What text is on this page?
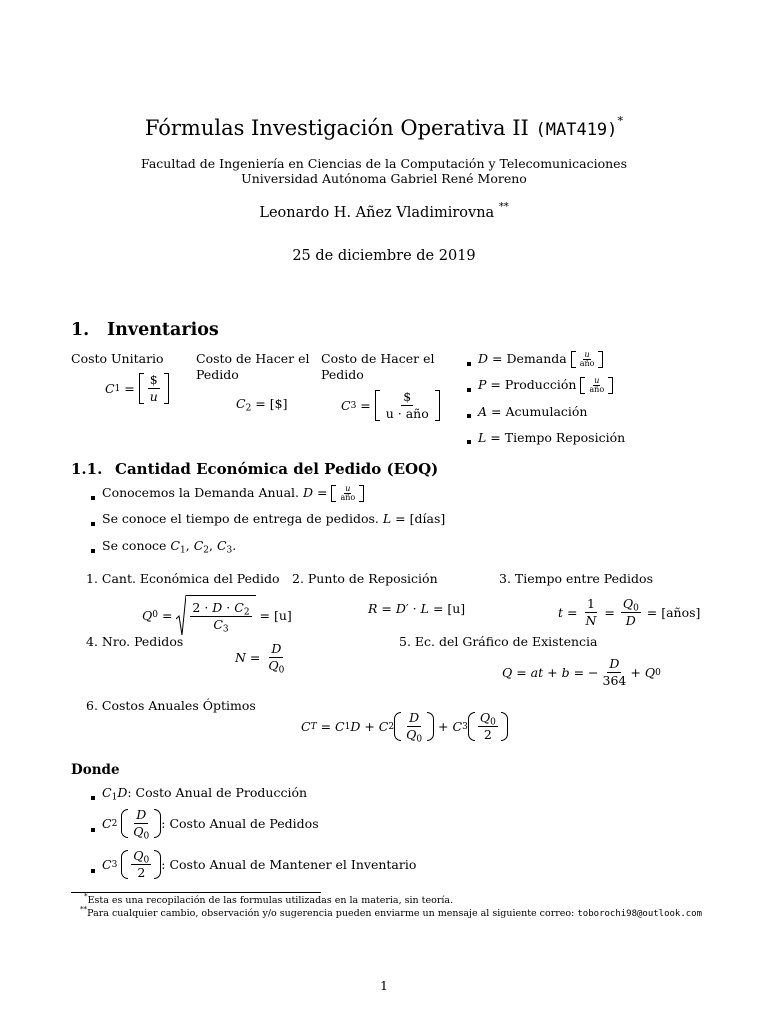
Fórmulas Investigación Operativa II (MAT419)*
Facultad de Ingeniería en Ciencias de la Computación y Telecomunicaciones
Universidad Autónoma Gabriel René Moreno
Leonardo H. Añez Vladimirovna **
25 de diciembre de 2019
1. Inventarios
Costo Unitario
C $1 = \frac{\$}{u}$
Costo de Hacer el Pedido
$C_2$ = [$]
Costo de Hacer el Pedido
C $3 = \frac{\$}{\text{u · año}}$
D = Demanda $\frac{u}{\text{año}}$
P = Producción $\frac{u}{\text{año}}$
A = Acumulación
L = Tiempo Reposición
1.1. Cantidad Económica del Pedido (EOQ)
Conocemos la Demanda Anual. $D = \frac{u}{\text{año}}$
Se conoce el tiempo de entrega de pedidos. L = [días]
Se conoce $C_1$, $C_2$, $C_3$.
1. Cant. Económica del Pedido 2. Punto de Reposición	3. Tiempo entre Pedidos
Q $0 = \frac{2 \cdot D \cdot C_2}{C_3}$
= [u]	R = D′ · L = [u]	$t = \frac{1}{N} = \frac{Q_0}{D}$
= [años]
4. Nro. Pedidos	5. Ec. del Gráfico de Existencia
$N = \frac{D}{Q_0}$	Q = at + b = − $\frac{D}{364} + Q$ 0
6. Costos Anuales Óptimos
C T = C 1 D + C $2 \frac{D}{Q_0} + C$ $3 \frac{Q_0}{2}$
Donde
$C_1D$: Costo Anual de Producción
C 2
$\frac{D}{Q_0}$ : Costo Anual de Pedidos
C 3
$\frac{Q_0}{2}$ : Costo Anual de Mantener el Inventario
*Esta es una recopilación de las formulas utilizadas en la materia, sin teoría.
**Para cualquier cambio, observación y/o sugerencia pueden enviarme un mensaje al siguiente correo: toborochi98@outlook.com
1
